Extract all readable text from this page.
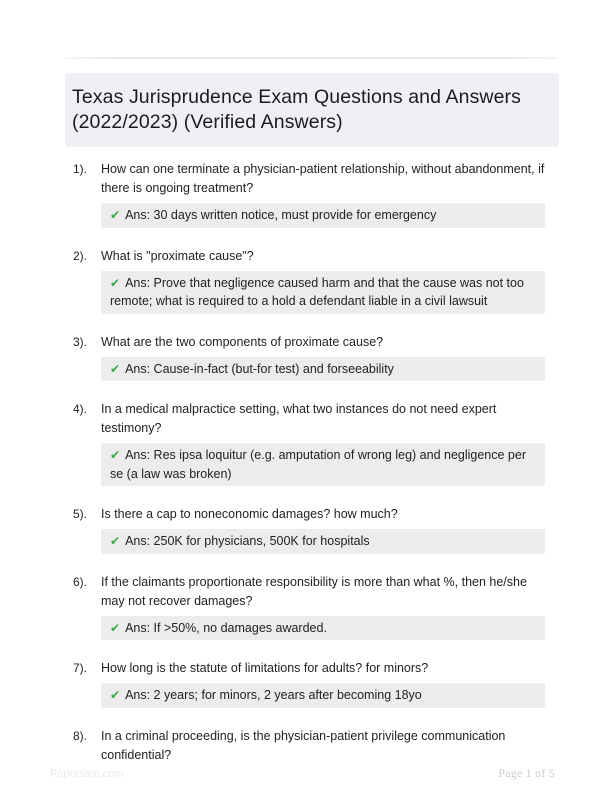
Texas Jurisprudence Exam Questions and Answers (2022/2023) (Verified Answers)
1).	How can one terminate a physician-patient relationship, without abandonment, if there is ongoing treatment?

✔ Ans: 30 days written notice, must provide for emergency
2).	What is "proximate cause"?

✔ Ans: Prove that negligence caused harm and that the cause was not too remote; what is required to a hold a defendant liable in a civil lawsuit
3).	What are the two components of proximate cause?

✔ Ans: Cause-in-fact (but-for test) and forseeability
4).	In a medical malpractice setting, what two instances do not need expert testimony?

✔ Ans: Res ipsa loquitur (e.g. amputation of wrong leg) and negligence per se (a law was broken)
5).	Is there a cap to noneconomic damages? how much?

✔ Ans: 250K for physicians, 500K for hospitals
6).	If the claimants proportionate responsibility is more than what %, then he/she may not recover damages?

✔ Ans: If >50%, no damages awarded.
7).	How long is the statute of limitations for adults? for minors?

✔ Ans: 2 years; for minors, 2 years after becoming 18yo
8).	In a criminal proceeding, is the physician-patient privilege communication confidential?

Paperstoc.com	Page 1 of 5
